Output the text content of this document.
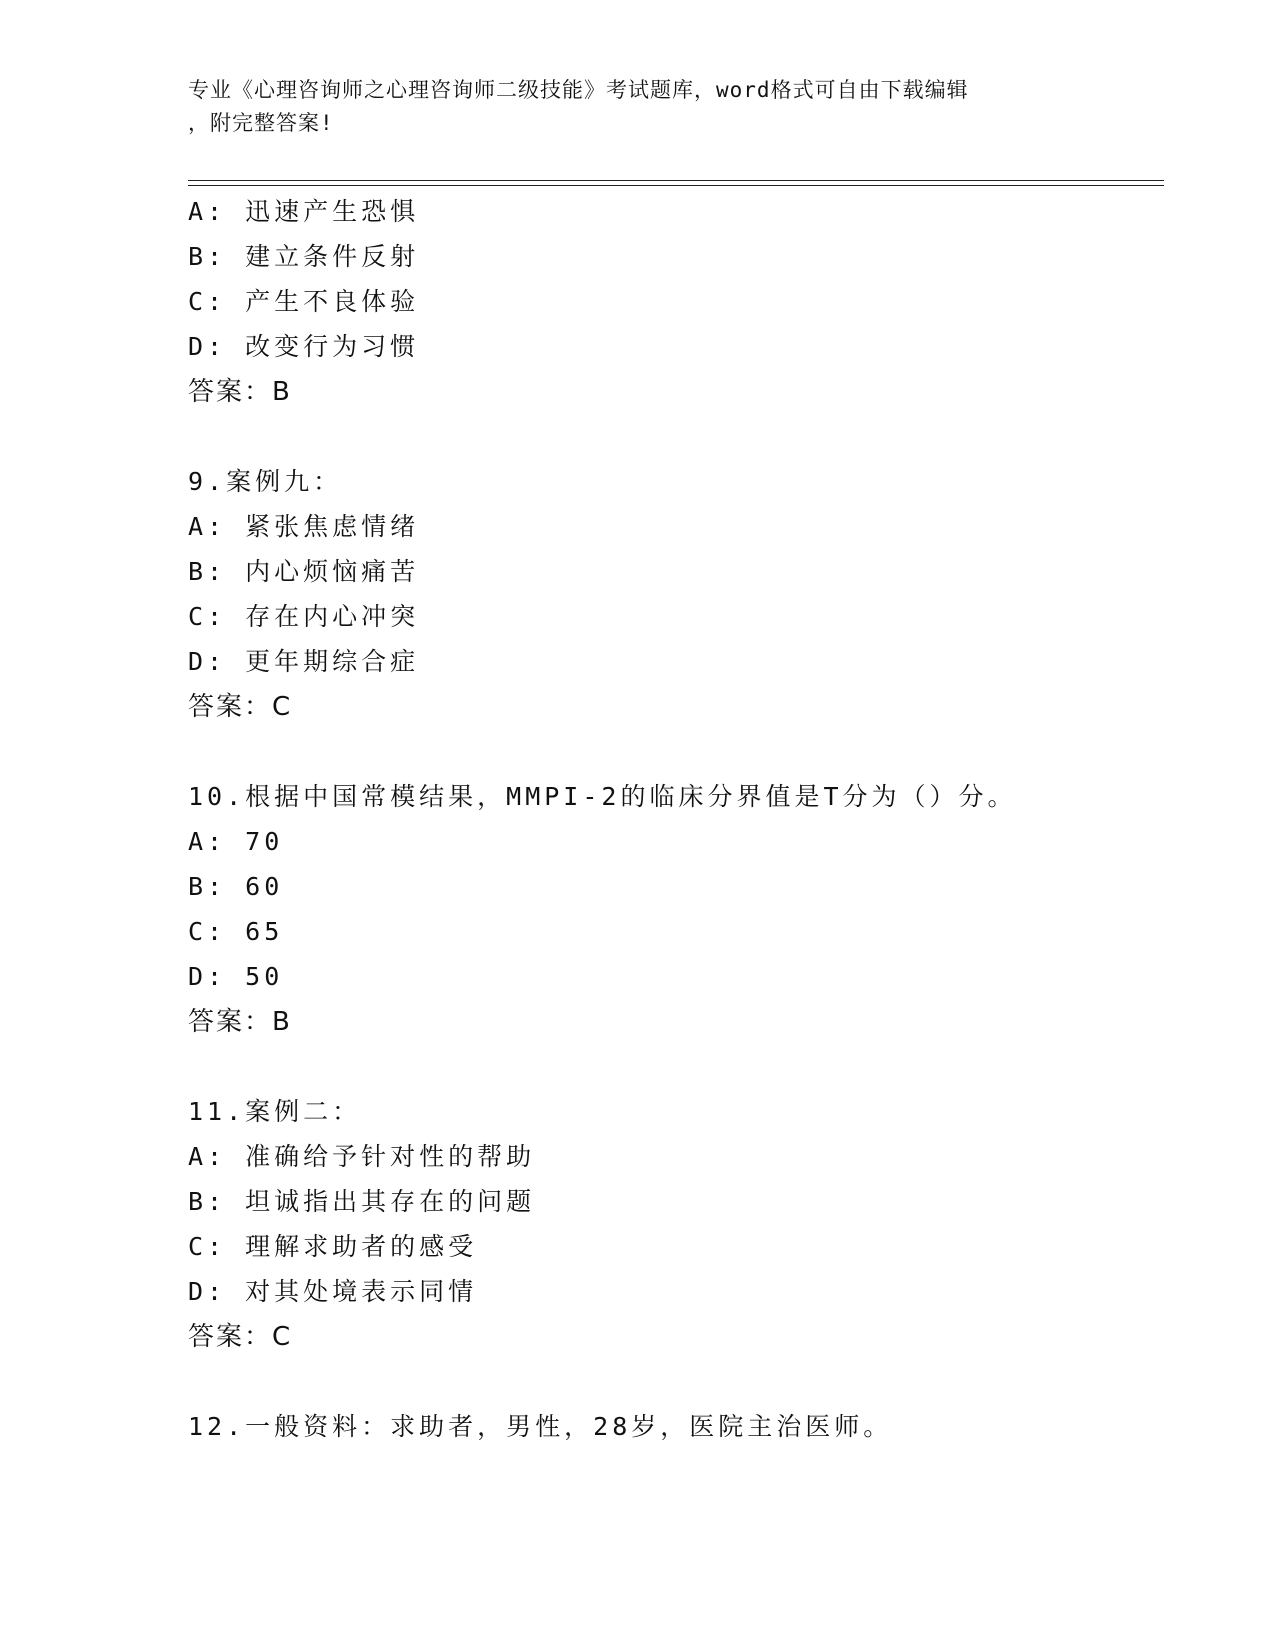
专业《心理咨询师之心理咨询师二级技能》考试题库，word格式可自由下载编辑
，附完整答案!
A: 迅速产生恐惧
B: 建立条件反射
C: 产生不良体验
D: 改变行为习惯
答案：B
9.案例九：
A: 紧张焦虑情绪
B: 内心烦恼痛苦
C: 存在内心冲突
D: 更年期综合症
答案：C
10.根据中国常模结果，MMPI-2的临床分界值是T分为（）分。
A: 70
B: 60
C: 65
D: 50
答案：B
11.案例二：
A: 准确给予针对性的帮助
B: 坦诚指出其存在的问题
C: 理解求助者的感受
D: 对其处境表示同情
答案：C
12.一般资料：求助者，男性，28岁，医院主治医师。
